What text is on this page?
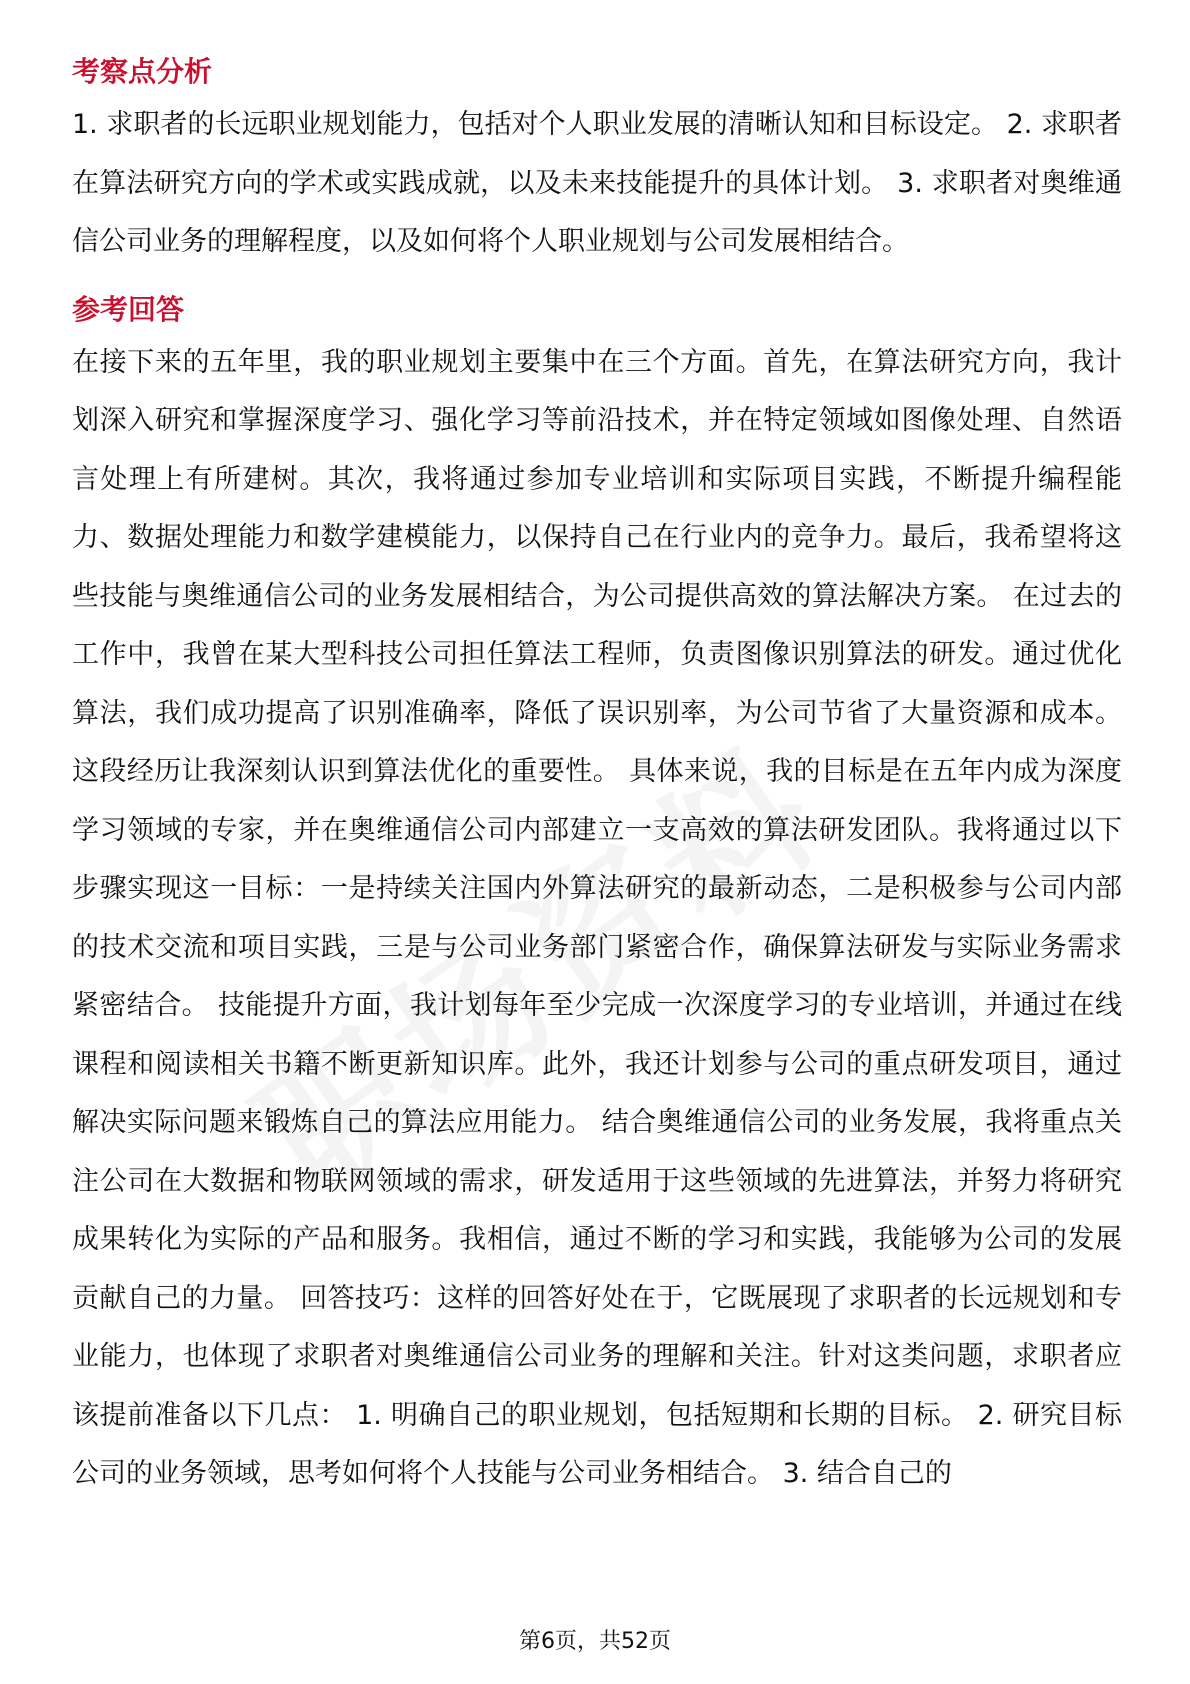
考察点分析

1. 求职者的长远职业规划能力，包括对个人职业发展的清晰认知和目标设定。 2. 求职者在算法研究方向的学术或实践成就，以及未来技能提升的具体计划。 3. 求职者对奥维通信公司业务的理解程度，以及如何将个人职业规划与公司发展相结合。

参考回答

在接下来的五年里，我的职业规划主要集中在三个方面。首先，在算法研究方向，我计划深入研究和掌握深度学习、强化学习等前沿技术，并在特定领域如图像处理、自然语言处理上有所建树。其次，我将通过参加专业培训和实际项目实践，不断提升编程能力、数据处理能力和数学建模能力，以保持自己在行业内的竞争力。最后，我希望将这些技能与奥维通信公司的业务发展相结合，为公司提供高效的算法解决方案。 在过去的工作中，我曾在某大型科技公司担任算法工程师，负责图像识别算法的研发。通过优化算法，我们成功提高了识别准确率，降低了误识别率，为公司节省了大量资源和成本。这段经历让我深刻认识到算法优化的重要性。 具体来说，我的目标是在五年内成为深度学习领域的专家，并在奥维通信公司内部建立一支高效的算法研发团队。我将通过以下步骤实现这一目标：一是持续关注国内外算法研究的最新动态，二是积极参与公司内部的技术交流和项目实践，三是与公司业务部门紧密合作，确保算法研发与实际业务需求紧密结合。 技能提升方面，我计划每年至少完成一次深度学习的专业培训，并通过在线课程和阅读相关书籍不断更新知识库。此外，我还计划参与公司的重点研发项目，通过解决实际问题来锻炼自己的算法应用能力。 结合奥维通信公司的业务发展，我将重点关注公司在大数据和物联网领域的需求，研发适用于这些领域的先进算法，并努力将研究成果转化为实际的产品和服务。我相信，通过不断的学习和实践，我能够为公司的发展贡献自己的力量。 回答技巧：这样的回答好处在于，它既展现了求职者的长远规划和专业能力，也体现了求职者对奥维通信公司业务的理解和关注。针对这类问题，求职者应该提前准备以下几点： 1. 明确自己的职业规划，包括短期和长期的目标。 2. 研究目标公司的业务领域，思考如何将个人技能与公司业务相结合。 3. 结合自己的

第6页，共52页
